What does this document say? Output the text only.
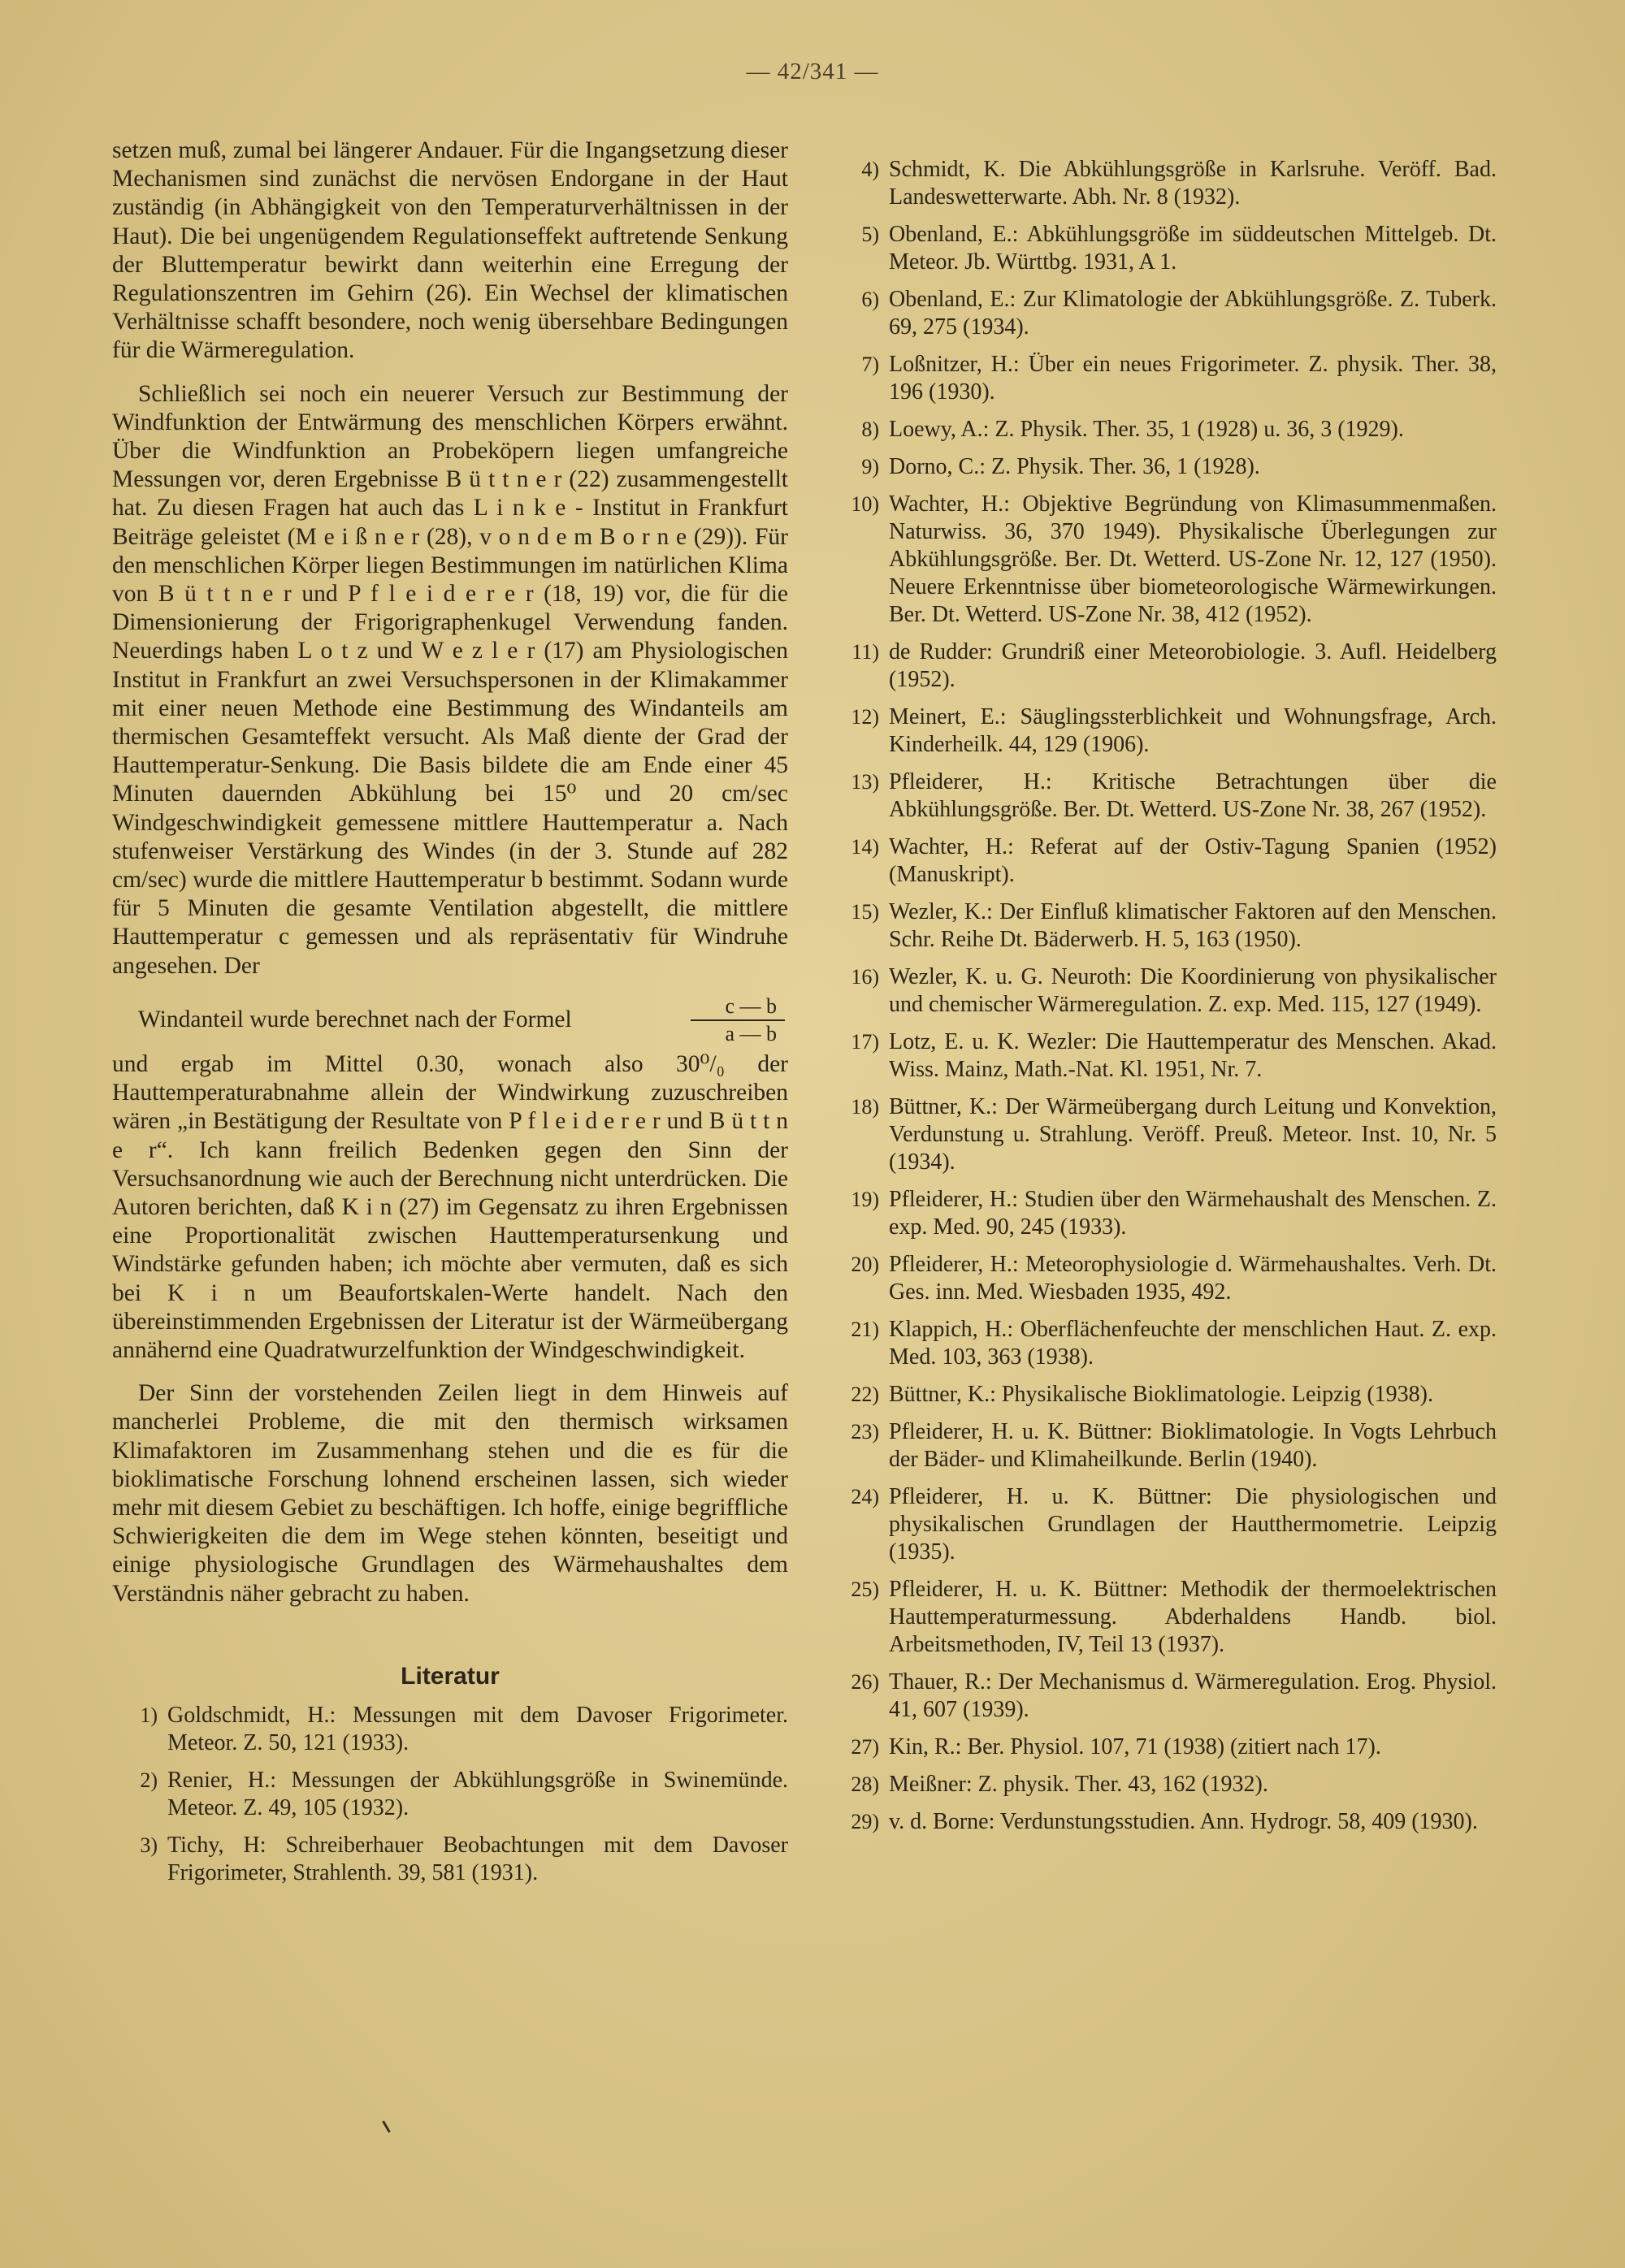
— 42/341 —

setzen muß, zumal bei längerer Andauer. Für die Ingangsetzung dieser Mechanismen sind zunächst die nervösen Endorgane in der Haut zuständig (in Abhängigkeit von den Temperaturverhältnissen in der Haut). Die bei ungenügendem Regulationseffekt auftretende Senkung der Bluttemperatur bewirkt dann weiterhin eine Erregung der Regulationszentren im Gehirn (26). Ein Wechsel der klimatischen Verhältnisse schafft besondere, noch wenig übersehbare Bedingungen für die Wärmeregulation.

Schließlich sei noch ein neuerer Versuch zur Bestimmung der Windfunktion der Entwärmung des menschlichen Körpers erwähnt. Über die Windfunktion an Probeköpern liegen umfangreiche Messungen vor, deren Ergebnisse B ü t t n e r (22) zusammengestellt hat. Zu diesen Fragen hat auch das L i n k e - Institut in Frankfurt Beiträge geleistet (M e i ß n e r (28), v o n d e m B o r n e (29)). Für den menschlichen Körper liegen Bestimmungen im natürlichen Klima von B ü t t n e r und P f l e i d e r e r (18, 19) vor, die für die Dimensionierung der Frigorigraphenkugel Verwendung fanden. Neuerdings haben L o t z und W e z l e r (17) am Physiologischen Institut in Frankfurt an zwei Versuchspersonen in der Klimakammer mit einer neuen Methode eine Bestimmung des Windanteils am thermischen Gesamteffekt versucht. Als Maß diente der Grad der Hauttemperatur-Senkung. Die Basis bildete die am Ende einer 45 Minuten dauernden Abkühlung bei 15⁰ und 20 cm/sec Windgeschwindigkeit gemessene mittlere Hauttemperatur a. Nach stufenweiser Verstärkung des Windes (in der 3. Stunde auf 282 cm/sec) wurde die mittlere Hauttemperatur b bestimmt. Sodann wurde für 5 Minuten die gesamte Ventilation abgestellt, die mittlere Hauttemperatur c gemessen und als repräsentativ für Windruhe angesehen. Der

Windanteil wurde berechnet nach der Formel	$\frac{c — b}{a — b}$

und ergab im Mittel 0.30, wonach also 30⁰/₀ der Hauttemperaturabnahme allein der Windwirkung zuzuschreiben wären „in Bestätigung der Resultate von P f l e i d e r e r und B ü t t n e r“. Ich kann freilich Bedenken gegen den Sinn der Versuchsanordnung wie auch der Berechnung nicht unterdrücken. Die Autoren berichten, daß K i n (27) im Gegensatz zu ihren Ergebnissen eine Proportionalität zwischen Hauttemperatursenkung und Windstärke gefunden haben; ich möchte aber vermuten, daß es sich bei K i n um Beaufortskalen-Werte handelt. Nach den übereinstimmenden Ergebnissen der Literatur ist der Wärmeübergang annähernd eine Quadratwurzelfunktion der Windgeschwindigkeit.

Der Sinn der vorstehenden Zeilen liegt in dem Hinweis auf mancherlei Probleme, die mit den thermisch wirksamen Klimafaktoren im Zusammenhang stehen und die es für die bioklimatische Forschung lohnend erscheinen lassen, sich wieder mehr mit diesem Gebiet zu beschäftigen. Ich hoffe, einige begriffliche Schwierigkeiten die dem im Wege stehen könnten, beseitigt und einige physiologische Grundlagen des Wärmehaushaltes dem Verständnis näher gebracht zu haben.

Literatur
1) Goldschmidt, H.: Messungen mit dem Davoser Frigorimeter. Meteor. Z. 50, 121 (1933).
2) Renier, H.: Messungen der Abkühlungsgröße in Swinemünde. Meteor. Z. 49, 105 (1932).
3) Tichy, H: Schreiberhauer Beobachtungen mit dem Davoser Frigorimeter, Strahlenth. 39, 581 (1931).
4) Schmidt, K. Die Abkühlungsgröße in Karlsruhe. Veröff. Bad. Landeswetterwarte. Abh. Nr. 8 (1932).
5) Obenland, E.: Abkühlungsgröße im süddeutschen Mittelgeb. Dt. Meteor. Jb. Württbg. 1931, A 1.
6) Obenland, E.: Zur Klimatologie der Abkühlungsgröße. Z. Tuberk. 69, 275 (1934).
7) Loßnitzer, H.: Über ein neues Frigorimeter. Z. physik. Ther. 38, 196 (1930).
8) Loewy, A.: Z. Physik. Ther. 35, 1 (1928) u. 36, 3 (1929).
9) Dorno, C.: Z. Physik. Ther. 36, 1 (1928).
10) Wachter, H.: Objektive Begründung von Klimasummenmaßen. Naturwiss. 36, 370 1949). Physikalische Überlegungen zur Abkühlungsgröße. Ber. Dt. Wetterd. US-Zone Nr. 12, 127 (1950). Neuere Erkenntnisse über biometeorologische Wärmewirkungen. Ber. Dt. Wetterd. US-Zone Nr. 38, 412 (1952).
11) de Rudder: Grundriß einer Meteorobiologie. 3. Aufl. Heidelberg (1952).
12) Meinert, E.: Säuglingssterblichkeit und Wohnungsfrage, Arch. Kinderheilk. 44, 129 (1906).
13) Pfleiderer, H.: Kritische Betrachtungen über die Abkühlungsgröße. Ber. Dt. Wetterd. US-Zone Nr. 38, 267 (1952).
14) Wachter, H.: Referat auf der Ostiv-Tagung Spanien (1952) (Manuskript).
15) Wezler, K.: Der Einfluß klimatischer Faktoren auf den Menschen. Schr. Reihe Dt. Bäderwerb. H. 5, 163 (1950).
16) Wezler, K. u. G. Neuroth: Die Koordinierung von physikalischer und chemischer Wärmeregulation. Z. exp. Med. 115, 127 (1949).
17) Lotz, E. u. K. Wezler: Die Hauttemperatur des Menschen. Akad. Wiss. Mainz, Math.-Nat. Kl. 1951, Nr. 7.
18) Büttner, K.: Der Wärmeübergang durch Leitung und Konvektion, Verdunstung u. Strahlung. Veröff. Preuß. Meteor. Inst. 10, Nr. 5 (1934).
19) Pfleiderer, H.: Studien über den Wärmehaushalt des Menschen. Z. exp. Med. 90, 245 (1933).
20) Pfleiderer, H.: Meteorophysiologie d. Wärmehaushaltes. Verh. Dt. Ges. inn. Med. Wiesbaden 1935, 492.
21) Klappich, H.: Oberflächenfeuchte der menschlichen Haut. Z. exp. Med. 103, 363 (1938).
22) Büttner, K.: Physikalische Bioklimatologie. Leipzig (1938).
23) Pfleiderer, H. u. K. Büttner: Bioklimatologie. In Vogts Lehrbuch der Bäder- und Klimaheilkunde. Berlin (1940).
24) Pfleiderer, H. u. K. Büttner: Die physiologischen und physikalischen Grundlagen der Hautthermometrie. Leipzig (1935).
25) Pfleiderer, H. u. K. Büttner: Methodik der thermoelektrischen Hauttemperaturmessung. Abderhaldens Handb. biol. Arbeitsmethoden, IV, Teil 13 (1937).
26) Thauer, R.: Der Mechanismus d. Wärmeregulation. Erog. Physiol. 41, 607 (1939).
27) Kin, R.: Ber. Physiol. 107, 71 (1938) (zitiert nach 17).
28) Meißner: Z. physik. Ther. 43, 162 (1932).
29) v. d. Borne: Verdunstungsstudien. Ann. Hydrogr. 58, 409 (1930).
